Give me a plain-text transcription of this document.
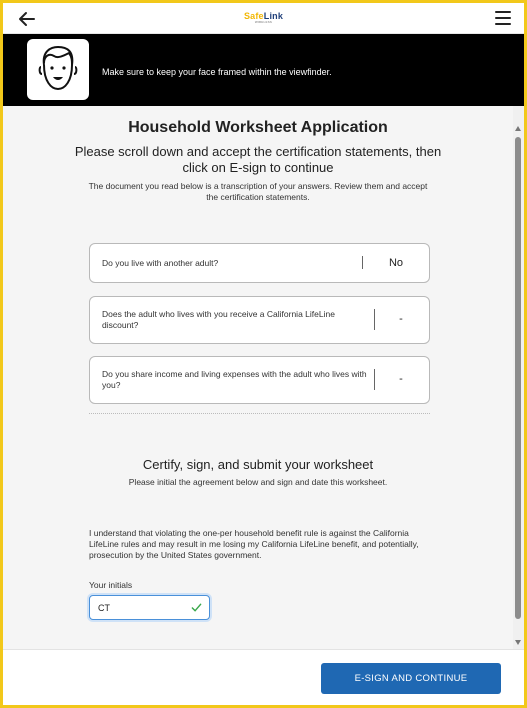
SafeLink
WIRELESS
Make sure to keep your face framed within the viewfinder.
Household Worksheet Application
Please scroll down and accept the certification statements, then click on E-sign to continue
The document you read below is a transcription of your answers. Review them and accept the certification statements.
Do you live with another adult?	No
Does the adult who lives with you receive a California LifeLine discount?	-
Do you share income and living expenses with the adult who lives with you?	-
Certify, sign, and submit your worksheet
Please initial the agreement below and sign and date this worksheet.
I understand that violating the one-per household benefit rule is against the California LifeLine rules and may result in me losing my California LifeLine benefit, and potentially, prosecution by the United States government.
Your initials
CT
E-SIGN AND CONTINUE
